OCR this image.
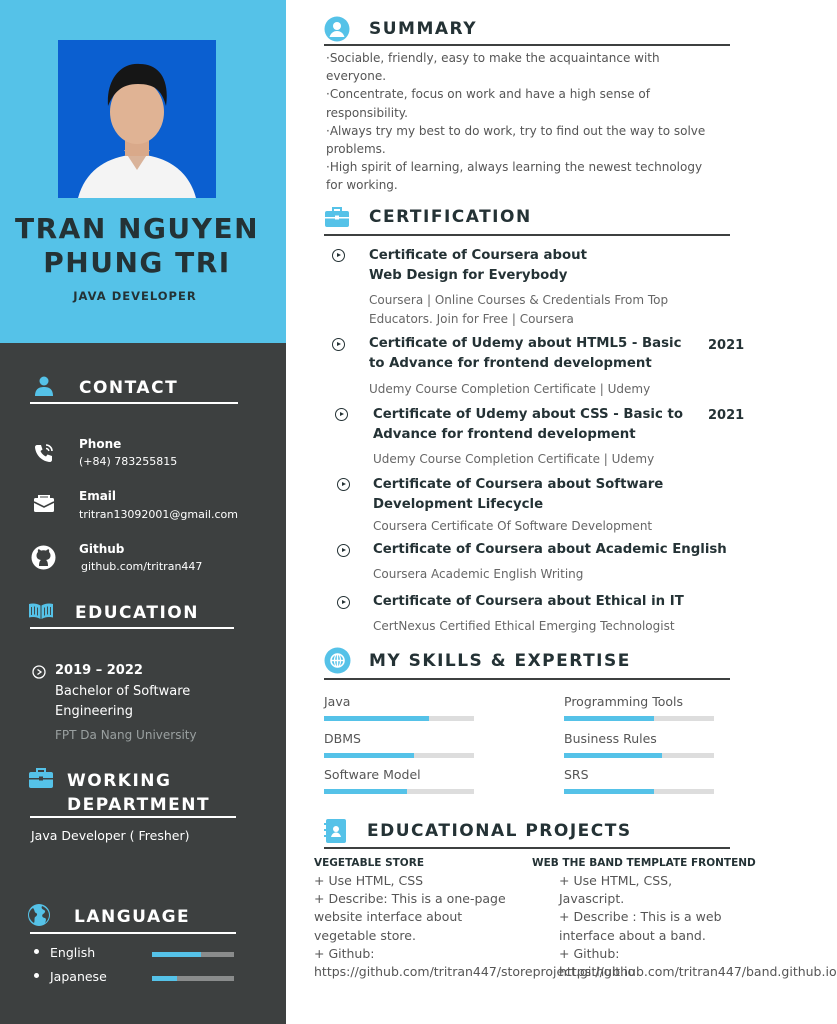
TRAN NGUYEN
PHUNG TRI
JAVA DEVELOPER
CONTACT
Phone
(+84) 783255815
Email
tritran13092001@gmail.com
Github
github.com/tritran447
EDUCATION
2019 – 2022
Bachelor of Software Engineering
FPT Da Nang University
WORKING
DEPARTMENT
Java Developer ( Fresher)
LANGUAGE
English
Japanese
SUMMARY
·Sociable, friendly, easy to make the acquaintance with everyone.
·Concentrate, focus on work and have a high sense of responsibility.
·Always try my best to do work, try to find out the way to solve problems.
·High spirit of learning, always learning the newest technology for working.
CERTIFICATION
Certificate of Coursera about Web Design for Everybody
Coursera | Online Courses & Credentials From Top Educators. Join for Free | Coursera
Certificate of Udemy about HTML5 - Basic to Advance for frontend development
2021
Udemy Course Completion Certificate | Udemy
Certificate of Udemy about CSS - Basic to Advance for frontend development
2021
Udemy Course Completion Certificate | Udemy
Certificate of Coursera about Software Development Lifecycle
Coursera Certificate Of Software Development
Certificate of Coursera about Academic English
Coursera Academic English Writing
Certificate of Coursera about Ethical in IT
CertNexus Certified Ethical Emerging Technologist
MY SKILLS & EXPERTISE
Java	Programming Tools
DBMS	Business Rules
Software Model	SRS
EDUCATIONAL PROJECTS
VEGETABLE STORE
+ Use HTML, CSS
+ Describe: This is a one-page website interface about vegetable store.
+ Github:
https://github.com/tritran447/storeproject.github.io
WEB THE BAND TEMPLATE FRONTEND
+ Use HTML, CSS,
Javascript.
+ Describe : This is a web interface about a band.
+ Github:
https://github.com/tritran447/band.github.io
